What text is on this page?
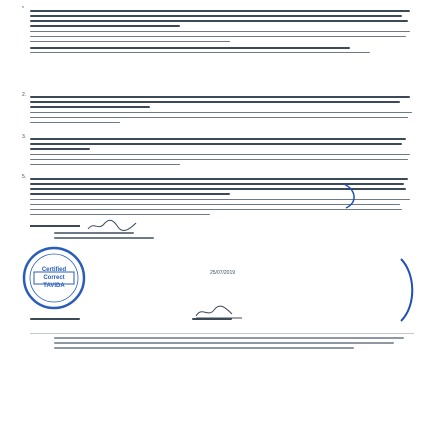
*
2.
3.
5.
Certified
Correct
TAVIDA
25/07/2019
